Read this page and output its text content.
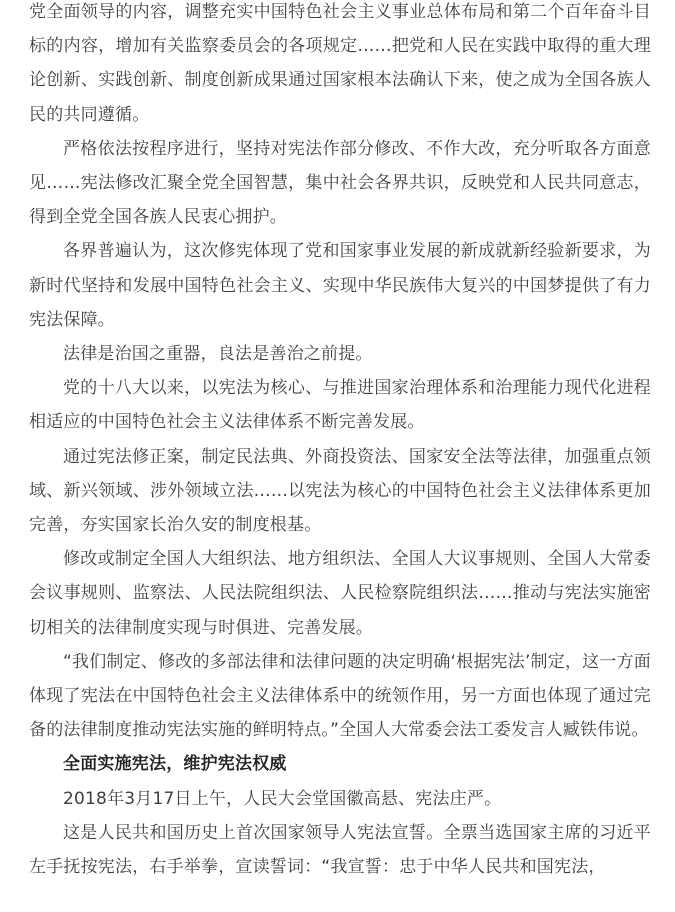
党全面领导的内容，调整充实中国特色社会主义事业总体布局和第二个百年奋斗目标的内容，增加有关监察委员会的各项规定……把党和人民在实践中取得的重大理论创新、实践创新、制度创新成果通过国家根本法确认下来，使之成为全国各族人民的共同遵循。

严格依法按程序进行，坚持对宪法作部分修改、不作大改，充分听取各方面意见……宪法修改汇聚全党全国智慧，集中社会各界共识，反映党和人民共同意志，得到全党全国各族人民衷心拥护。

各界普遍认为，这次修宪体现了党和国家事业发展的新成就新经验新要求，为新时代坚持和发展中国特色社会主义、实现中华民族伟大复兴的中国梦提供了有力宪法保障。

法律是治国之重器，良法是善治之前提。

党的十八大以来，以宪法为核心、与推进国家治理体系和治理能力现代化进程相适应的中国特色社会主义法律体系不断完善发展。

通过宪法修正案，制定民法典、外商投资法、国家安全法等法律，加强重点领域、新兴领域、涉外领域立法……以宪法为核心的中国特色社会主义法律体系更加完善，夯实国家长治久安的制度根基。

修改或制定全国人大组织法、地方组织法、全国人大议事规则、全国人大常委会议事规则、监察法、人民法院组织法、人民检察院组织法……推动与宪法实施密切相关的法律制度实现与时俱进、完善发展。

“我们制定、修改的多部法律和法律问题的决定明确‘根据宪法’制定，这一方面体现了宪法在中国特色社会主义法律体系中的统领作用，另一方面也体现了通过完备的法律制度推动宪法实施的鲜明特点。”全国人大常委会法工委发言人臧铁伟说。

全面实施宪法，维护宪法权威

2018年3月17日上午，人民大会堂国徽高悬、宪法庄严。

这是人民共和国历史上首次国家领导人宪法宣誓。全票当选国家主席的习近平左手抚按宪法，右手举拳，宣读誓词：“我宣誓：忠于中华人民共和国宪法，
